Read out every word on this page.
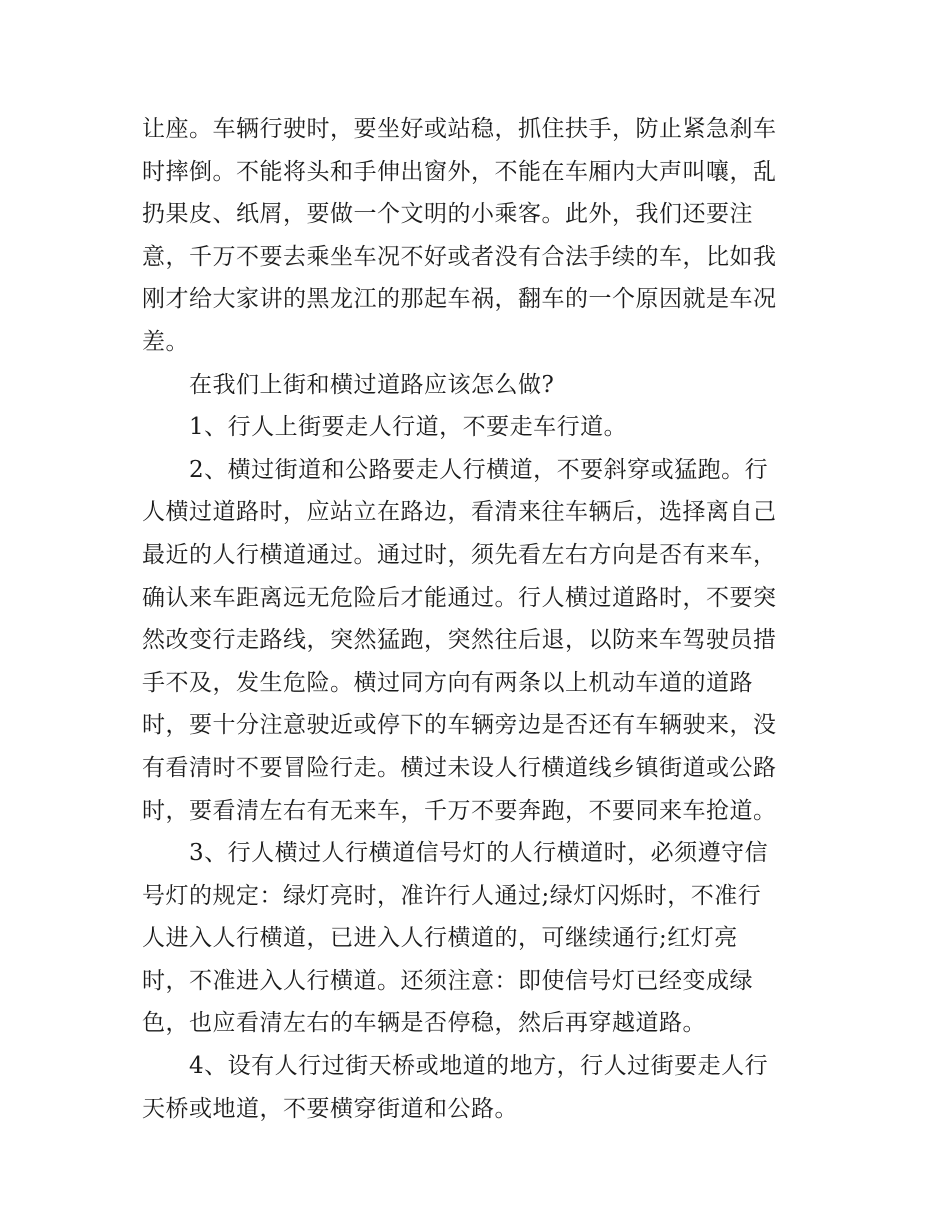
让座。车辆行驶时，要坐好或站稳，抓住扶手，防止紧急刹车
时摔倒。不能将头和手伸出窗外，不能在车厢内大声叫嚷，乱
扔果皮、纸屑，要做一个文明的小乘客。此外，我们还要注
意，千万不要去乘坐车况不好或者没有合法手续的车，比如我
刚才给大家讲的黑龙江的那起车祸，翻车的一个原因就是车况
差。
在我们上街和横过道路应该怎么做?
1、行人上街要走人行道，不要走车行道。
2、横过街道和公路要走人行横道，不要斜穿或猛跑。行
人横过道路时，应站立在路边，看清来往车辆后，选择离自己
最近的人行横道通过。通过时，须先看左右方向是否有来车，
确认来车距离远无危险后才能通过。行人横过道路时，不要突
然改变行走路线，突然猛跑，突然往后退，以防来车驾驶员措
手不及，发生危险。横过同方向有两条以上机动车道的道路
时，要十分注意驶近或停下的车辆旁边是否还有车辆驶来，没
有看清时不要冒险行走。横过未设人行横道线乡镇街道或公路
时，要看清左右有无来车，千万不要奔跑，不要同来车抢道。
3、行人横过人行横道信号灯的人行横道时，必须遵守信
号灯的规定：绿灯亮时，准许行人通过;绿灯闪烁时，不准行
人进入人行横道，已进入人行横道的，可继续通行;红灯亮
时，不准进入人行横道。还须注意：即使信号灯已经变成绿
色，也应看清左右的车辆是否停稳，然后再穿越道路。
4、设有人行过街天桥或地道的地方，行人过街要走人行
天桥或地道，不要横穿街道和公路。
